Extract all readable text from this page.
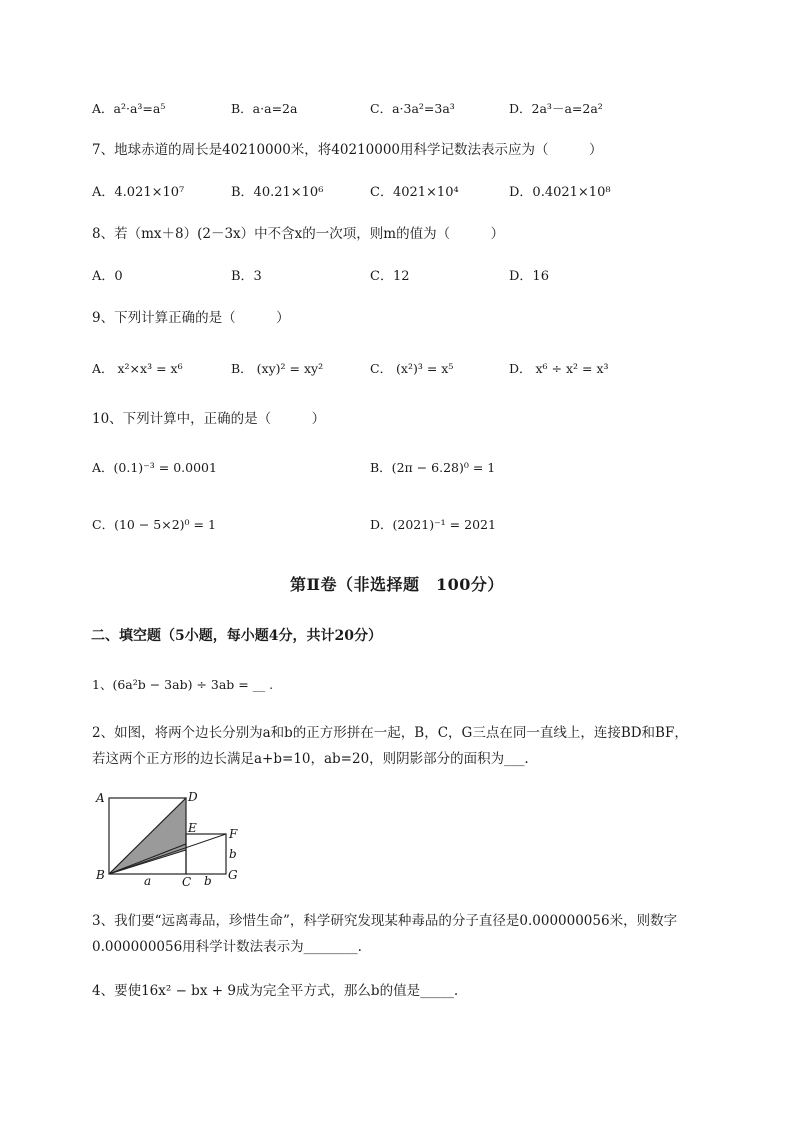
A．a²·a³=a⁵	B．a·a=2a	C．a·3a²=3a³	D．2a³－a=2a²
7、地球赤道的周长是40210000米，将40210000用科学记数法表示应为（　　　）
A．4.021×10⁷	B．40.21×10⁶	C．4021×10⁴	D．0.4021×10⁸
8、若（mx＋8）(2－3x）中不含x的一次项，则m的值为（　　　）
A．0	B．3	C．12	D．16
9、下列计算正确的是（　　　）
A． x²×x³ = x⁶	B． (xy)² = xy²	C． (x²)³ = x⁵	D． x⁶ ÷ x² = x³
10、下列计算中，正确的是（　　　）
A．(0.1)⁻³ = 0.0001	B．(2π − 6.28)⁰ = 1
C．(10 − 5×2)⁰ = 1	D．(2021)⁻¹ = 2021
第Ⅱ卷（非选择题　100分）
二、填空题（5小题，每小题4分，共计20分）
1、(6a²b − 3ab) ÷ 3ab = __ .
2、如图，将两个边长分别为a和b的正方形拼在一起，B，C，G三点在同一直线上，连接BD和BF，
若这两个正方形的边长满足a+b=10，ab=20，则阴影部分的面积为___.
A	D
E	F
B	C	G
a	b
b
3、我们要“远离毒品，珍惜生命”，科学研究发现某种毒品的分子直径是0.000000056米，则数字
0.000000056用科学计数法表示为________.
4、要使16x² − bx + 9成为完全平方式，那么b的值是_____.
